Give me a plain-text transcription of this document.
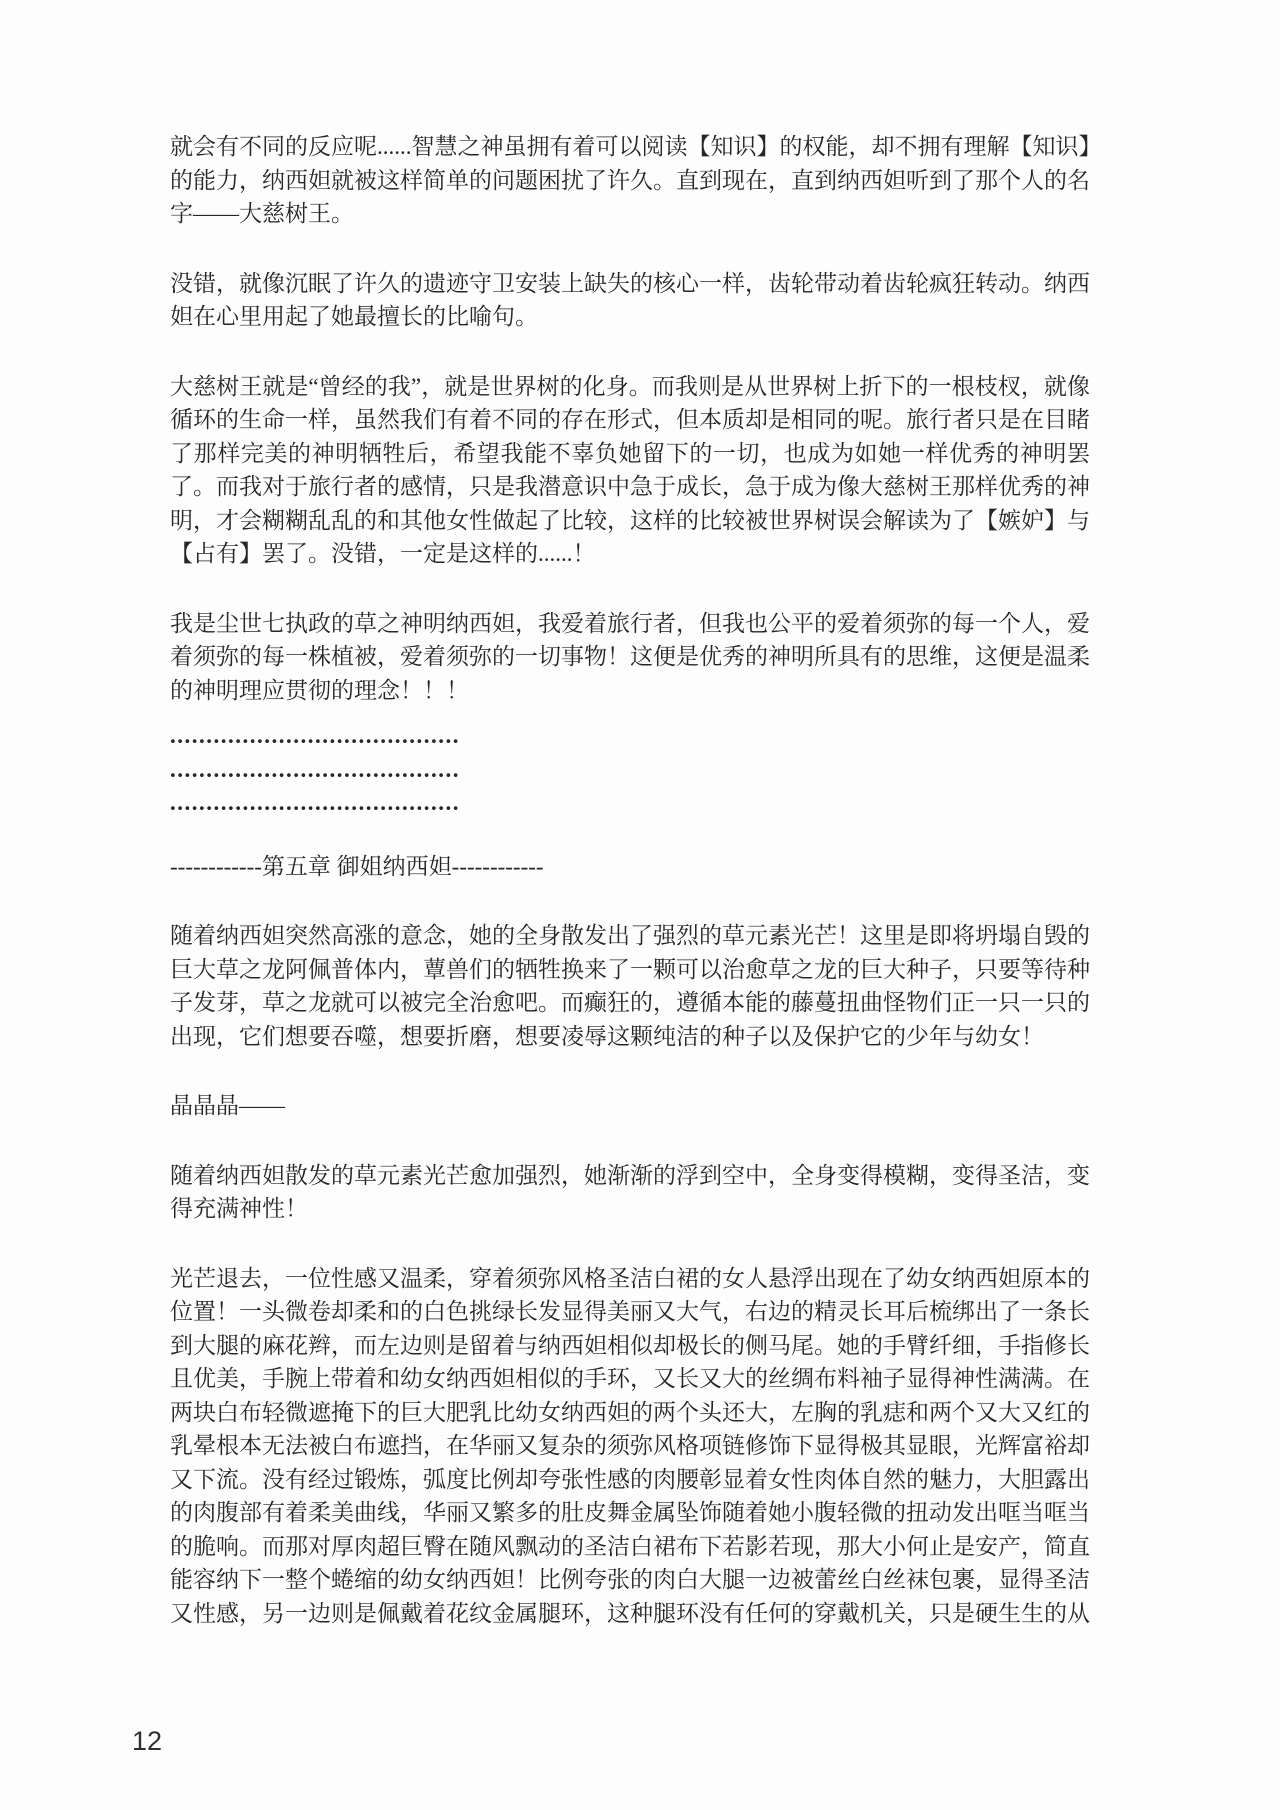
就会有不同的反应呢......智慧之神虽拥有着可以阅读【知识】的权能，却不拥有理解【知识】的能力，纳西妲就被这样简单的问题困扰了许久。直到现在，直到纳西妲听到了那个人的名字——大慈树王。

没错，就像沉眠了许久的遗迹守卫安装上缺失的核心一样，齿轮带动着齿轮疯狂转动。纳西妲在心里用起了她最擅长的比喻句。

大慈树王就是“曾经的我”，就是世界树的化身。而我则是从世界树上折下的一根枝杈，就像循环的生命一样，虽然我们有着不同的存在形式，但本质却是相同的呢。旅行者只是在目睹了那样完美的神明牺牲后，希望我能不辜负她留下的一切，也成为如她一样优秀的神明罢了。而我对于旅行者的感情，只是我潜意识中急于成长，急于成为像大慈树王那样优秀的神明，才会糊糊乱乱的和其他女性做起了比较，这样的比较被世界树误会解读为了【嫉妒】与【占有】罢了。没错，一定是这样的......！

我是尘世七执政的草之神明纳西妲，我爱着旅行者，但我也公平的爱着须弥的每一个人，爱着须弥的每一株植被，爱着须弥的一切事物！这便是优秀的神明所具有的思维，这便是温柔的神明理应贯彻的理念！！！

........................................

........................................

........................................

------------第五章 御姐纳西妲------------

随着纳西妲突然高涨的意念，她的全身散发出了强烈的草元素光芒！这里是即将坍塌自毁的巨大草之龙阿佩普体内，蕈兽们的牺牲换来了一颗可以治愈草之龙的巨大种子，只要等待种子发芽，草之龙就可以被完全治愈吧。而癫狂的，遵循本能的藤蔓扭曲怪物们正一只一只的出现，它们想要吞噬，想要折磨，想要凌辱这颗纯洁的种子以及保护它的少年与幼女！

晶晶晶——

随着纳西妲散发的草元素光芒愈加强烈，她渐渐的浮到空中，全身变得模糊，变得圣洁，变得充满神性！

光芒退去，一位性感又温柔，穿着须弥风格圣洁白裙的女人悬浮出现在了幼女纳西妲原本的位置！一头微卷却柔和的白色挑绿长发显得美丽又大气，右边的精灵长耳后梳绑出了一条长到大腿的麻花辫，而左边则是留着与纳西妲相似却极长的侧马尾。她的手臂纤细，手指修长且优美，手腕上带着和幼女纳西妲相似的手环，又长又大的丝绸布料袖子显得神性满满。在两块白布轻微遮掩下的巨大肥乳比幼女纳西妲的两个头还大，左胸的乳痣和两个又大又红的乳晕根本无法被白布遮挡，在华丽又复杂的须弥风格项链修饰下显得极其显眼，光辉富裕却又下流。没有经过锻炼，弧度比例却夸张性感的肉腰彰显着女性肉体自然的魅力，大胆露出的肉腹部有着柔美曲线，华丽又繁多的肚皮舞金属坠饰随着她小腹轻微的扭动发出哐当哐当的脆响。而那对厚肉超巨臀在随风飘动的圣洁白裙布下若影若现，那大小何止是安产，简直能容纳下一整个蜷缩的幼女纳西妲！比例夸张的肉白大腿一边被蕾丝白丝袜包裹，显得圣洁又性感，另一边则是佩戴着花纹金属腿环，这种腿环没有任何的穿戴机关，只是硬生生的从

12
